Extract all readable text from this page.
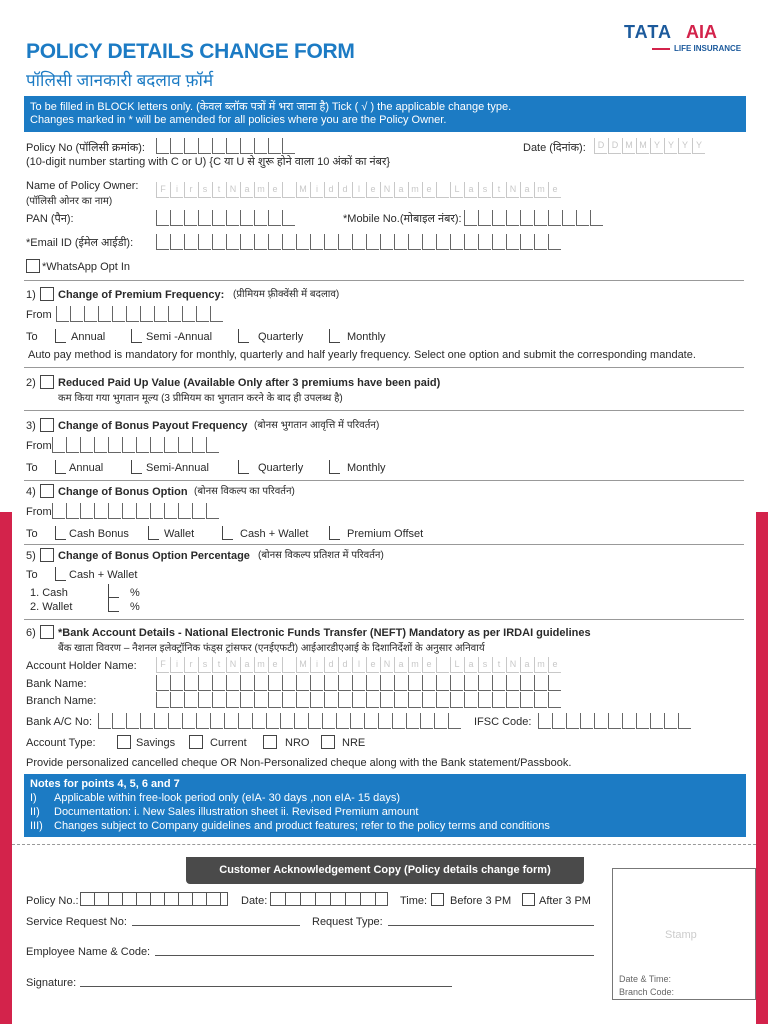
POLICY DETAILS CHANGE FORM
पॉलिसी जानकारी बदलाव फ़ॉर्म
TATA AIA
LIFE INSURANCE
To be filled in BLOCK letters only. (केवल ब्लॉक पत्रों में भरा जाना है) Tick ( √ ) the applicable change type.
Changes marked in * will be amended for all policies where you are the Policy Owner.
Policy No (पॉलिसी क्रमांक):
(10-digit number starting with C or U) {C या U से शुरू होने वाला 10 अंकों का नंबर}
Date (दिनांक):	D D M M Y Y Y Y
Name of Policy Owner:
(पॉलिसी ओनर का नाम)
F	i	r	s	t	N a m e	M	i	d d	l	e N a m e	L a	s	t	N a m e
PAN (पैन):	*Mobile No.(मोबाइल नंबर):
*Email ID (ईमेल आईडी):
*WhatsApp Opt In
1) Change of Premium Frequency: (प्रीमियम फ़्रीक्वेंसी में बदलाव)
From
To	Annual	Semi -Annual	Quarterly	Monthly
Auto pay method is mandatory for monthly, quarterly and half yearly frequency. Select one option and submit the corresponding mandate.
2) Reduced Paid Up Value (Available Only after 3 premiums have been paid)
कम किया गया भुगतान मूल्य (3 प्रीमियम का भुगतान करने के बाद ही उपलब्ध है)
3) Change of Bonus Payout Frequency (बोनस भुगतान आवृत्ति में परिवर्तन)
From
To	Annual	Semi-Annual	Quarterly	Monthly
4) Change of Bonus Option (बोनस विकल्प का परिवर्तन)
From
To	Cash Bonus	Wallet	Cash + Wallet	Premium Offset
5) Change of Bonus Option Percentage (बोनस विकल्प प्रतिशत में परिवर्तन)
To	Cash + Wallet
1. Cash	%
2. Wallet	%
6) *Bank Account Details - National Electronic Funds Transfer (NEFT) Mandatory as per IRDAI guidelines
बैंक खाता विवरण – नैशनल इलेक्ट्रॉनिक फंड्स ट्रांसफर (एनईएफटी) आईआरडीएआई के दिशानिर्देशों के अनुसार अनिवार्य
Account Holder Name:	F	i	r	s	t	N a m e	M	i	d d	l	e N a m e	L a	s	t	N a m e
Bank Name:
Branch Name:
Bank A/C No:	IFSC Code:
Account Type:	Savings	Current	NRO	NRE
Provide personalized cancelled cheque OR Non-Personalized cheque along with the Bank statement/Passbook.
Notes for points 4, 5, 6 and 7
I) Applicable within free-look period only (eIA- 30 days ,non eIA- 15 days)
II) Documentation: i. New Sales illustration sheet ii. Revised Premium amount
III) Changes subject to Company guidelines and product features; refer to the policy terms and conditions
Customer Acknowledgement Copy (Policy details change form)
Policy No.:	Date:	Time: Before 3 PM	After 3 PM
Service Request No:	Request Type:
Employee Name & Code:
Signature:
Stamp
Date & Time:
Branch Code:
